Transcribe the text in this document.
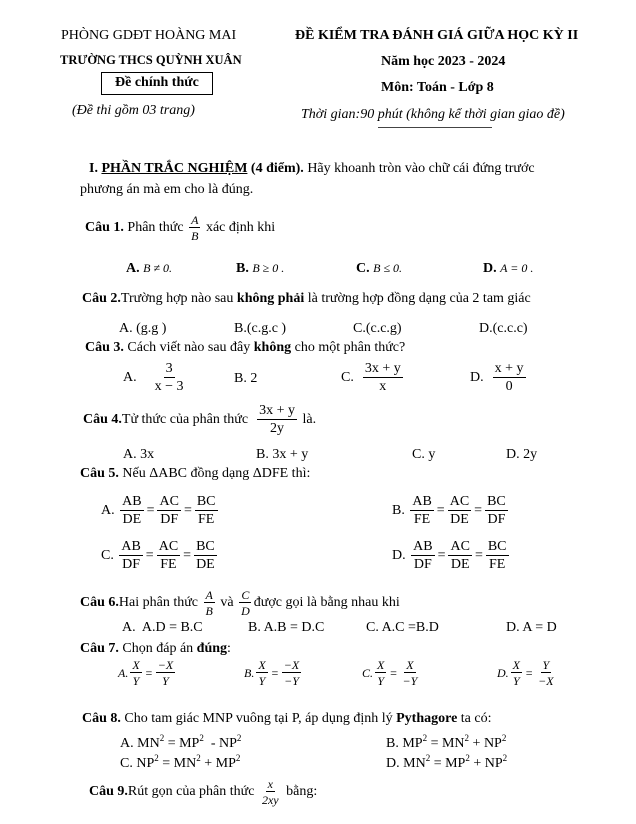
PHÒNG GDĐT HOÀNG MAI
TRƯỜNG THCS QUỲNH XUÂN
Đề chính thức
(Đề thi gồm 03 trang)
ĐỀ KIỂM TRA ĐÁNH GIÁ GIỮA HỌC KỲ II
Năm học 2023 - 2024
Môn: Toán - Lớp 8
Thời gian:90 phút (không kể thời gian giao đề)
I. PHẦN TRẮC NGHIỆM (4 điểm). Hãy khoanh tròn vào chữ cái đứng trước
phương án mà em cho là đúng.
Câu 1.
Phân thức
$\frac{A}{B}$
xác định khi
A. B ≠ 0.	B. B ≥ 0 .	C. B ≤ 0.	D. A = 0 .
Câu 2.Trường hợp nào sau không phải là trường hợp đồng dạng của 2 tam giác
A. (g.g )	B.(c.g.c )	C.(c.c.g)	D.(c.c.c)
Câu 3. Cách viết nào sau đây không cho một phân thức?
A.
$\frac{3}{x - 3}$	B. 2	C.
$\frac{3x + y}{x}$	D.
$\frac{x + y}{0}$
Câu 4. Tử thức của phân thức
$\frac{3x + y}{2y}$
là.
A. 3x	B. 3x + y	C. y	D. 2y
Câu 5. Nếu ΔABC đồng dạng ΔDFE thì:
A. $\frac{AB}{DE} = \frac{AC}{DF} = \frac{BC}{FE}$	B. $\frac{AB}{FE} = \frac{AC}{DE} = \frac{BC}{DF}$
C. $\frac{AB}{DF} = \frac{AC}{FE} = \frac{BC}{DE}$	D. $\frac{AB}{DF} = \frac{AC}{DE} = \frac{BC}{FE}$
Câu 6. Hai phân thức
$\frac{A}{B}$
và
$\frac{C}{D}$ được gọi là bằng nhau khi
A.  A.D = B.C	B. A.B = D.C	C. A.C =B.D	D. A = D
Câu 7. Chọn đáp án đúng:
A. $\frac{X}{Y} = \frac{-X}{Y}$	B. $\frac{X}{Y} = \frac{-X}{-Y}$	C. $\frac{X}{Y} = \frac{X}{-Y}$	D. $\frac{X}{Y} = \frac{Y}{-X}$
Câu 8. Cho tam giác MNP vuông tại P, áp dụng định lý Pythagore ta có:
A. $MN^2 = MP^2 - NP^2$	B. $MP^2 = MN^2 + NP^2$
C. $NP^2 = MN^2 + MP^2$	D. $MN^2 = MP^2 + NP^2$
Câu 9. Rút gọn của phân thức
$\frac{x}{2xy}$
bằng:
